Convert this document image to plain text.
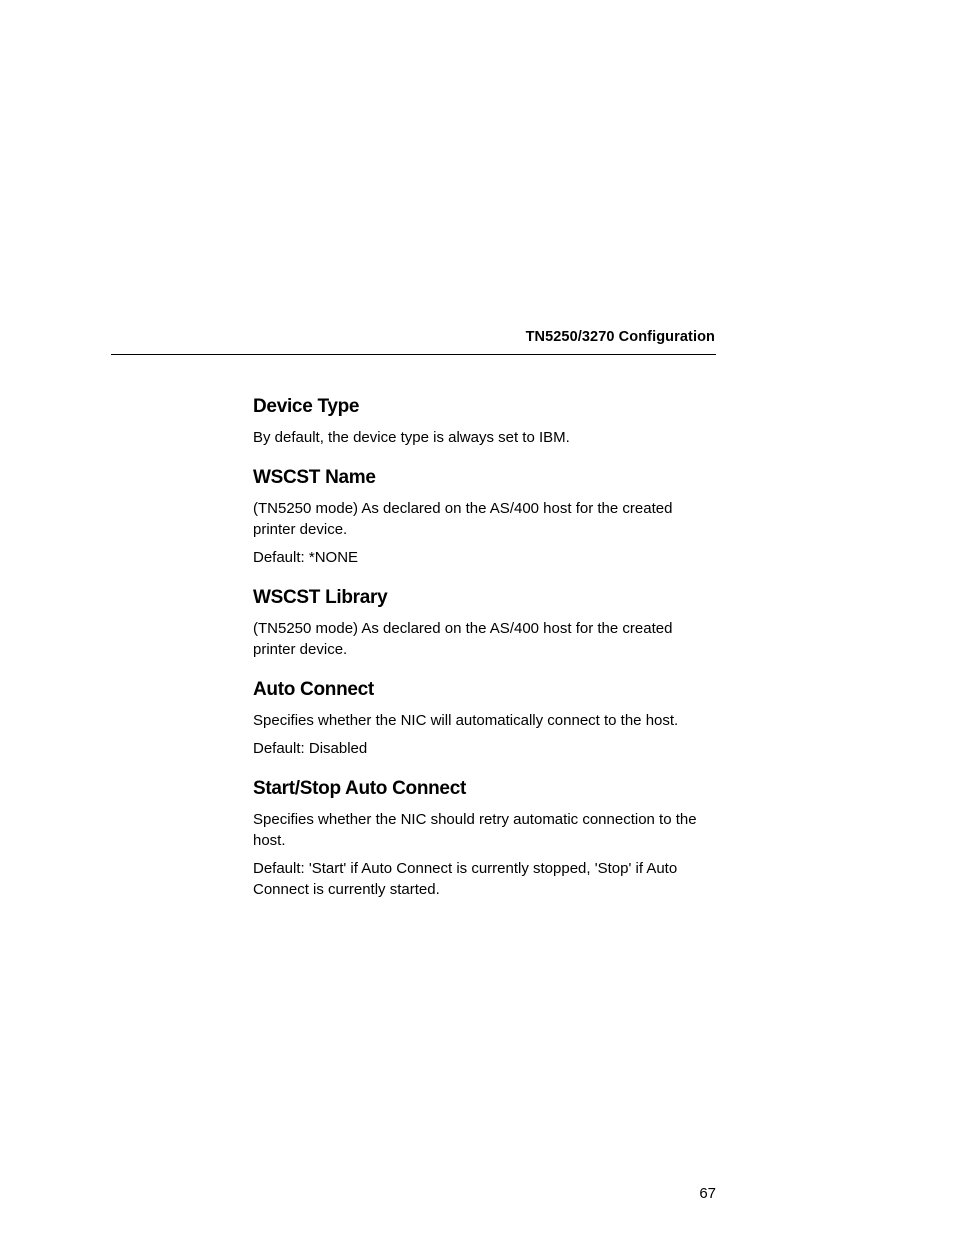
TN5250/3270 Configuration
Device Type

By default, the device type is always set to IBM.

WSCST Name

(TN5250 mode) As declared on the AS/400 host for the created printer device.

Default: *NONE

WSCST Library

(TN5250 mode) As declared on the AS/400 host for the created printer device.

Auto Connect

Specifies whether the NIC will automatically connect to the host.

Default: Disabled

Start/Stop Auto Connect

Specifies whether the NIC should retry automatic connection to the host.

Default: 'Start' if Auto Connect is currently stopped, 'Stop' if Auto Connect is currently started.

67
